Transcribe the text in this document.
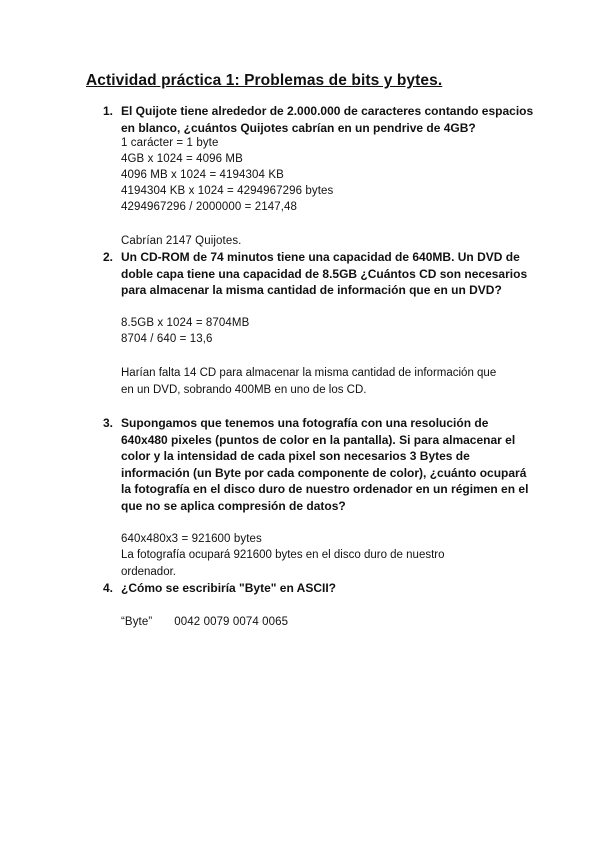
Actividad práctica 1: Problemas de bits y bytes.
1. El Quijote tiene alrededor de 2.000.000 de caracteres contando espacios
en blanco, ¿cuántos Quijotes cabrían en un pendrive de 4GB?
1 carácter = 1 byte
4GB x 1024 = 4096 MB
4096 MB x 1024 = 4194304 KB
4194304 KB x 1024 = 4294967296 bytes
4294967296 / 2000000 = 2147,48
Cabrían 2147 Quijotes.
2. Un CD-ROM de 74 minutos tiene una capacidad de 640MB. Un DVD de
doble capa tiene una capacidad de 8.5GB ¿Cuántos CD son necesarios
para almacenar la misma cantidad de información que en un DVD?
8.5GB x 1024 = 8704MB
8704 / 640 = 13,6
Harían falta 14 CD para almacenar la misma cantidad de información que
en un DVD, sobrando 400MB en uno de los CD.
3. Supongamos que tenemos una fotografía con una resolución de
640x480 pixeles (puntos de color en la pantalla). Si para almacenar el
color y la intensidad de cada pixel son necesarios 3 Bytes de
información (un Byte por cada componente de color), ¿cuánto ocupará
la fotografía en el disco duro de nuestro ordenador en un régimen en el
que no se aplica compresión de datos?
640x480x3 = 921600 bytes
La fotografía ocupará 921600 bytes en el disco duro de nuestro
ordenador.
4. ¿Cómo se escribiría "Byte" en ASCII?
“Byte” 0042 0079 0074 0065
